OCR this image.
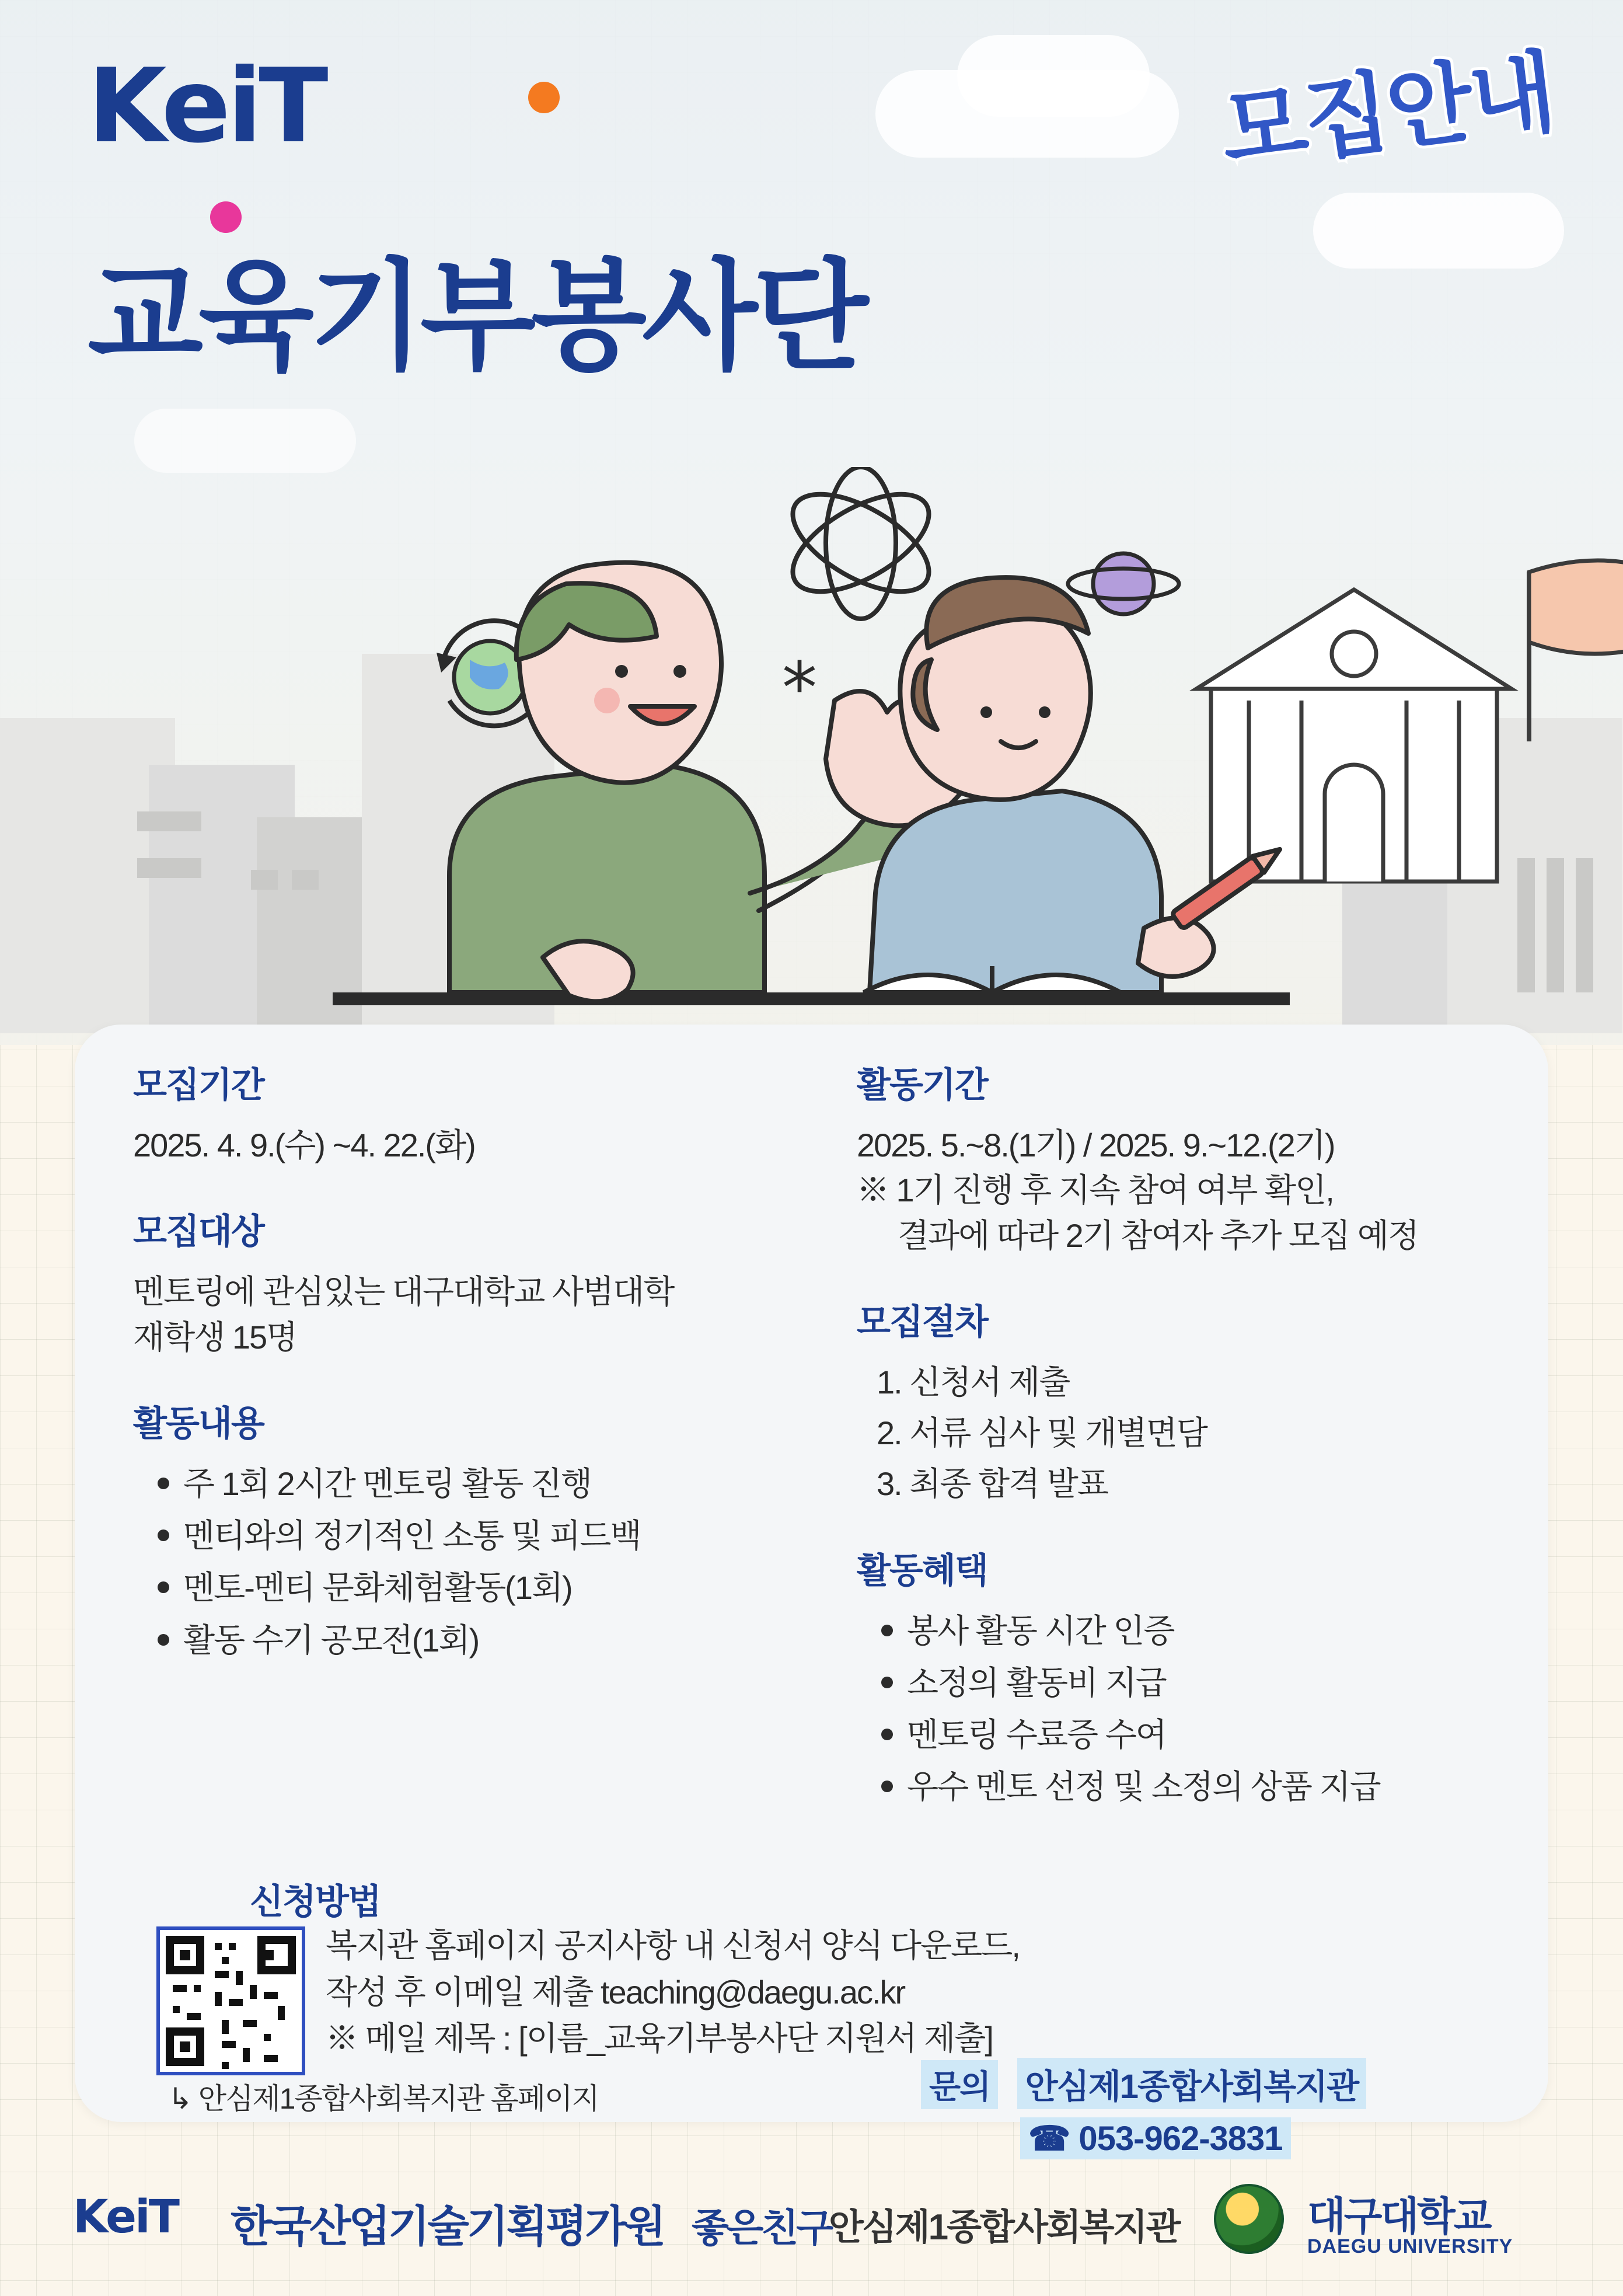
KeiT	모집안내
교육기부봉사단
*
모집기간

2025. 4. 9.(수) ~4. 22.(화)

모집대상

멘토링에 관심있는 대구대학교 사범대학

재학생 15명

활동내용
주 1회 2시간 멘토링 활동 진행
멘티와의 정기적인 소통 및 피드백
멘토-멘티 문화체험활동(1회)
활동 수기 공모전(1회)
활동기간

2025. 5.~8.(1기) / 2025. 9.~12.(2기)

※ 1기 진행 후 지속 참여 여부 확인,

결과에 따라 2기 참여자 추가 모집 예정

모집절차
1. 신청서 제출
2. 서류 심사 및 개별면담
3. 최종 합격 발표
활동혜택
봉사 활동 시간 인증
소정의 활동비 지급
멘토링 수료증 수여
우수 멘토 선정 및 소정의 상품 지급
신청방법

복지관 홈페이지 공지사항 내 신청서 양식 다운로드,

작성 후 이메일 제출 teaching@daegu.ac.kr

※ 메일 제목 : [이름_교육기부봉사단 지원서 제출]

↳ 안심제1종합사회복지관 홈페이지	문의 안심제1종합사회복지관
☎ 053-962-3831
KeiT 한국산업기술기획평가원 좋은친구
안심제1종합사회복지관	대구대학교
DAEGU UNIVERSITY
